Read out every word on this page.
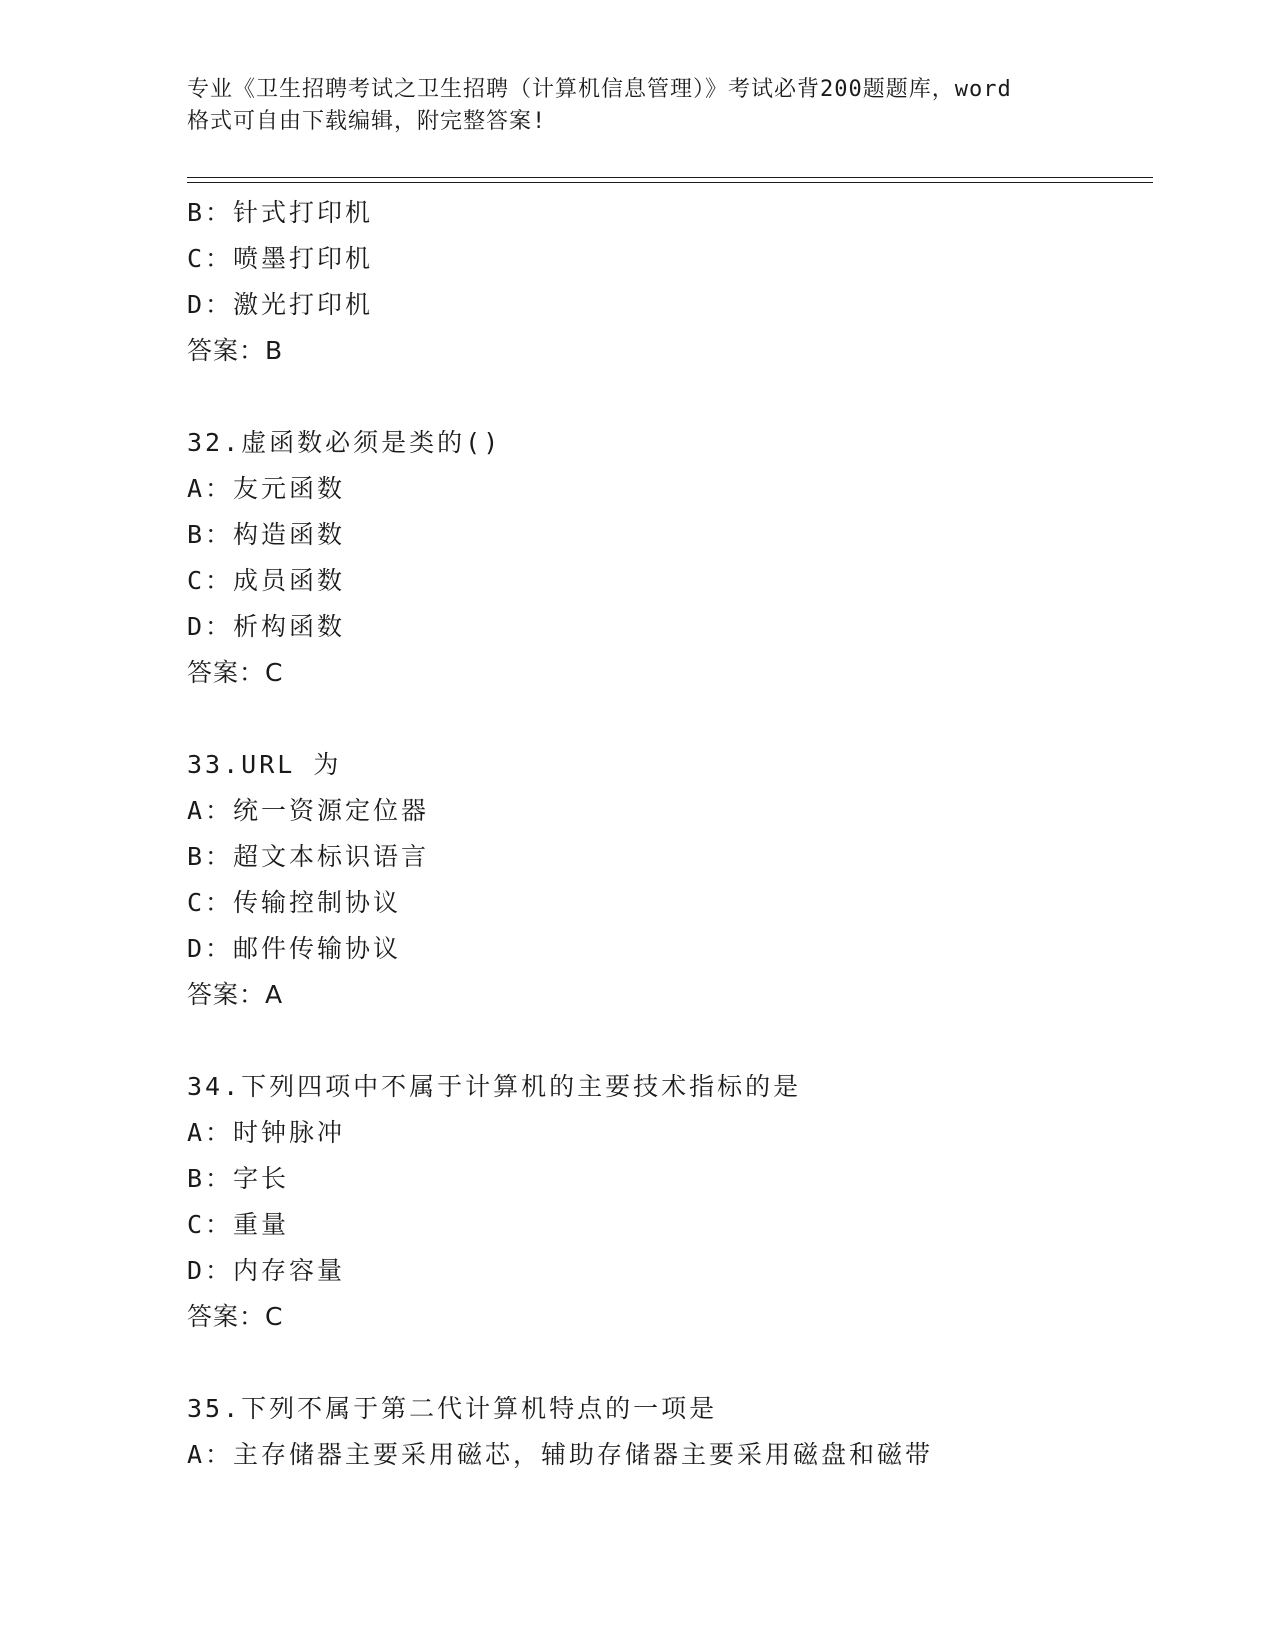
专业《卫生招聘考试之卫生招聘（计算机信息管理）》考试必背200题题库，word
格式可自由下载编辑，附完整答案!
B：针式打印机
C：喷墨打印机
D：激光打印机
答案：B
32.虚函数必须是类的()
A：友元函数
B：构造函数
C：成员函数
D：析构函数
答案：C
33.URL 为
A：统一资源定位器
B：超文本标识语言
C：传输控制协议
D：邮件传输协议
答案：A
34.下列四项中不属于计算机的主要技术指标的是
A：时钟脉冲
B：字长
C：重量
D：内存容量
答案：C
35.下列不属于第二代计算机特点的一项是
A：主存储器主要采用磁芯，辅助存储器主要采用磁盘和磁带
